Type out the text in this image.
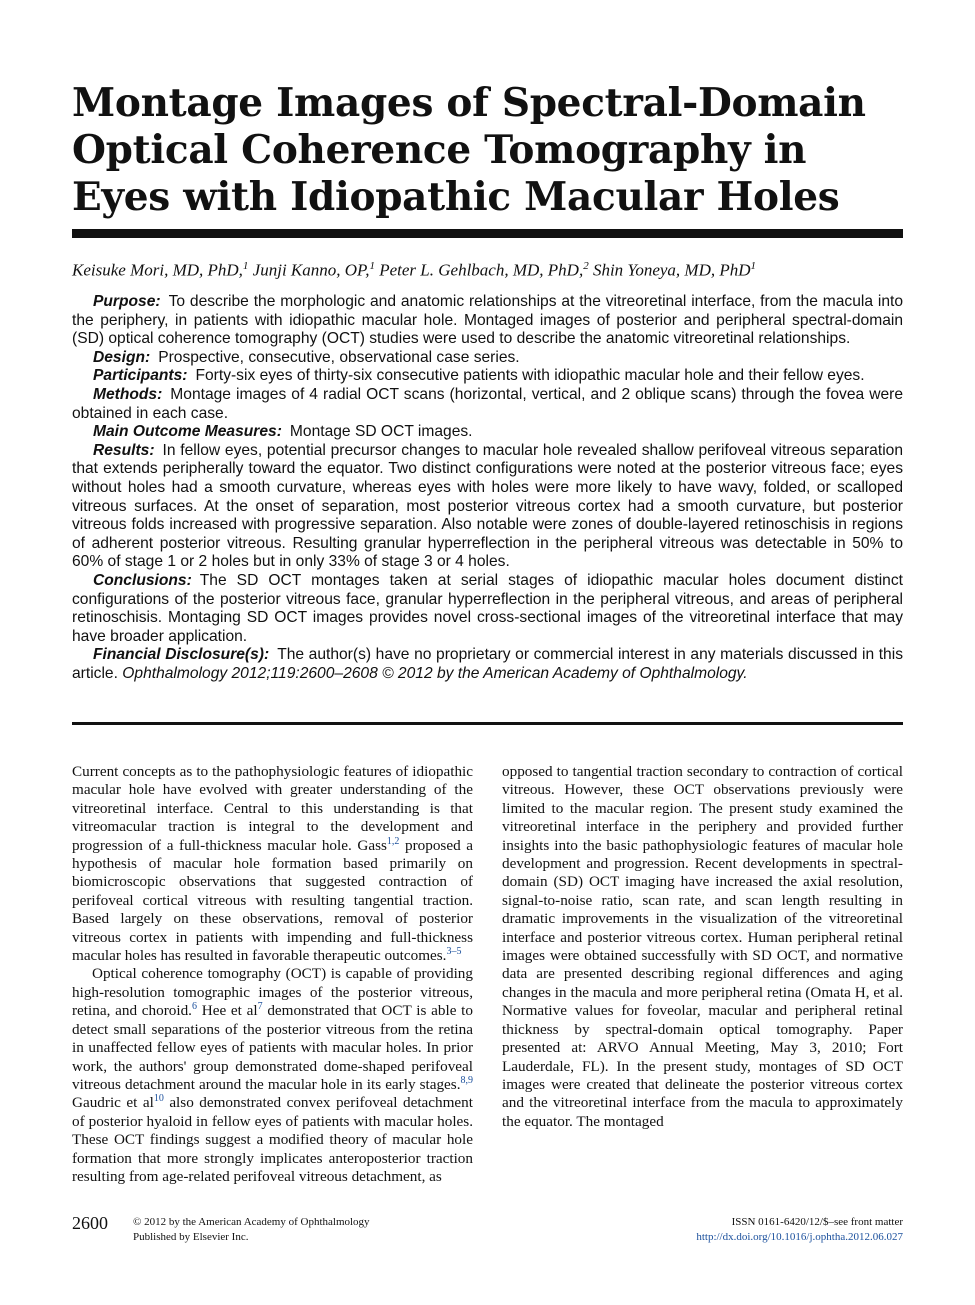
Montage Images of Spectral-Domain Optical Coherence Tomography in Eyes with Idiopathic Macular Holes
Keisuke Mori, MD, PhD,$^1$ Junji Kanno, OP,$^1$ Peter L. Gehlbach, MD, PhD,$^2$ Shin Yoneya, MD, PhD$^1$

Purpose: To describe the morphologic and anatomic relationships at the vitreoretinal interface, from the macula into the periphery, in patients with idiopathic macular hole. Montaged images of posterior and peripheral spectral-domain (SD) optical coherence tomography (OCT) studies were used to describe the anatomic vitreoretinal relationships.

Design: Prospective, consecutive, observational case series.

Participants: Forty-six eyes of thirty-six consecutive patients with idiopathic macular hole and their fellow eyes.

Methods: Montage images of 4 radial OCT scans (horizontal, vertical, and 2 oblique scans) through the fovea were obtained in each case.

Main Outcome Measures: Montage SD OCT images.

Results: In fellow eyes, potential precursor changes to macular hole revealed shallow perifoveal vitreous separation that extends peripherally toward the equator. Two distinct configurations were noted at the posterior vitreous face; eyes without holes had a smooth curvature, whereas eyes with holes were more likely to have wavy, folded, or scalloped vitreous surfaces. At the onset of separation, most posterior vitreous cortex had a smooth curvature, but posterior vitreous folds increased with progressive separation. Also notable were zones of double-layered retinoschisis in regions of adherent posterior vitreous. Resulting granular hyperreflection in the peripheral vitreous was detectable in 50% to 60% of stage 1 or 2 holes but in only 33% of stage 3 or 4 holes.

Conclusions: The SD OCT montages taken at serial stages of idiopathic macular holes document distinct configurations of the posterior vitreous face, granular hyperreflection in the peripheral vitreous, and areas of peripheral retinoschisis. Montaging SD OCT images provides novel cross-sectional images of the vitreoretinal interface that may have broader application.

Financial Disclosure(s): The author(s) have no proprietary or commercial interest in any materials discussed in this article. Ophthalmology 2012;119:2600–2608 © 2012 by the American Academy of Ophthalmology.

Current concepts as to the pathophysiologic features of idiopathic macular hole have evolved with greater understanding of the vitreoretinal interface. Central to this understanding is that vitreomacular traction is integral to the development and progression of a full-thickness macular hole. Gass$^{1,2}$ proposed a hypothesis of macular hole formation based primarily on biomicroscopic observations that suggested contraction of perifoveal cortical vitreous with resulting tangential traction. Based largely on these observations, removal of posterior vitreous cortex in patients with impending and full-thickness macular holes has resulted in favorable therapeutic outcomes.$^{3-5}$

Optical coherence tomography (OCT) is capable of providing high-resolution tomographic images of the posterior vitreous, retina, and choroid.$^6$ Hee et al$^7$ demonstrated that OCT is able to detect small separations of the posterior vitreous from the retina in unaffected fellow eyes of patients with macular holes. In prior work, the authors' group demonstrated dome-shaped perifoveal vitreous detachment around the macular hole in its early stages.$^{8,9}$ Gaudric et al$^{10}$ also demonstrated convex perifoveal detachment of posterior hyaloid in fellow eyes of patients with macular holes. These OCT findings suggest a modified theory of macular hole formation that more strongly implicates anteroposterior traction resulting from age-related perifoveal vitreous detachment, as

opposed to tangential traction secondary to contraction of cortical vitreous. However, these OCT observations previously were limited to the macular region. The present study examined the vitreoretinal interface in the periphery and provided further insights into the basic pathophysiologic features of macular hole development and progression. Recent developments in spectral-domain (SD) OCT imaging have increased the axial resolution, signal-to-noise ratio, scan rate, and scan length resulting in dramatic improvements in the visualization of the vitreoretinal interface and posterior vitreous cortex. Human peripheral retinal images were obtained successfully with SD OCT, and normative data are presented describing regional differences and aging changes in the macula and more peripheral retina (Omata H, et al. Normative values for foveolar, macular and peripheral retinal thickness by spectral-domain optical tomography. Paper presented at: ARVO Annual Meeting, May 3, 2010; Fort Lauderdale, FL). In the present study, montages of SD OCT images were created that delineate the posterior vitreous cortex and the vitreoretinal interface from the macula to approximately the equator. The montaged

2600 © 2012 by the American Academy of Ophthalmology
Published by Elsevier Inc.
ISSN 0161-6420/12/$–see front matter
http://dx.doi.org/10.1016/j.ophtha.2012.06.027
